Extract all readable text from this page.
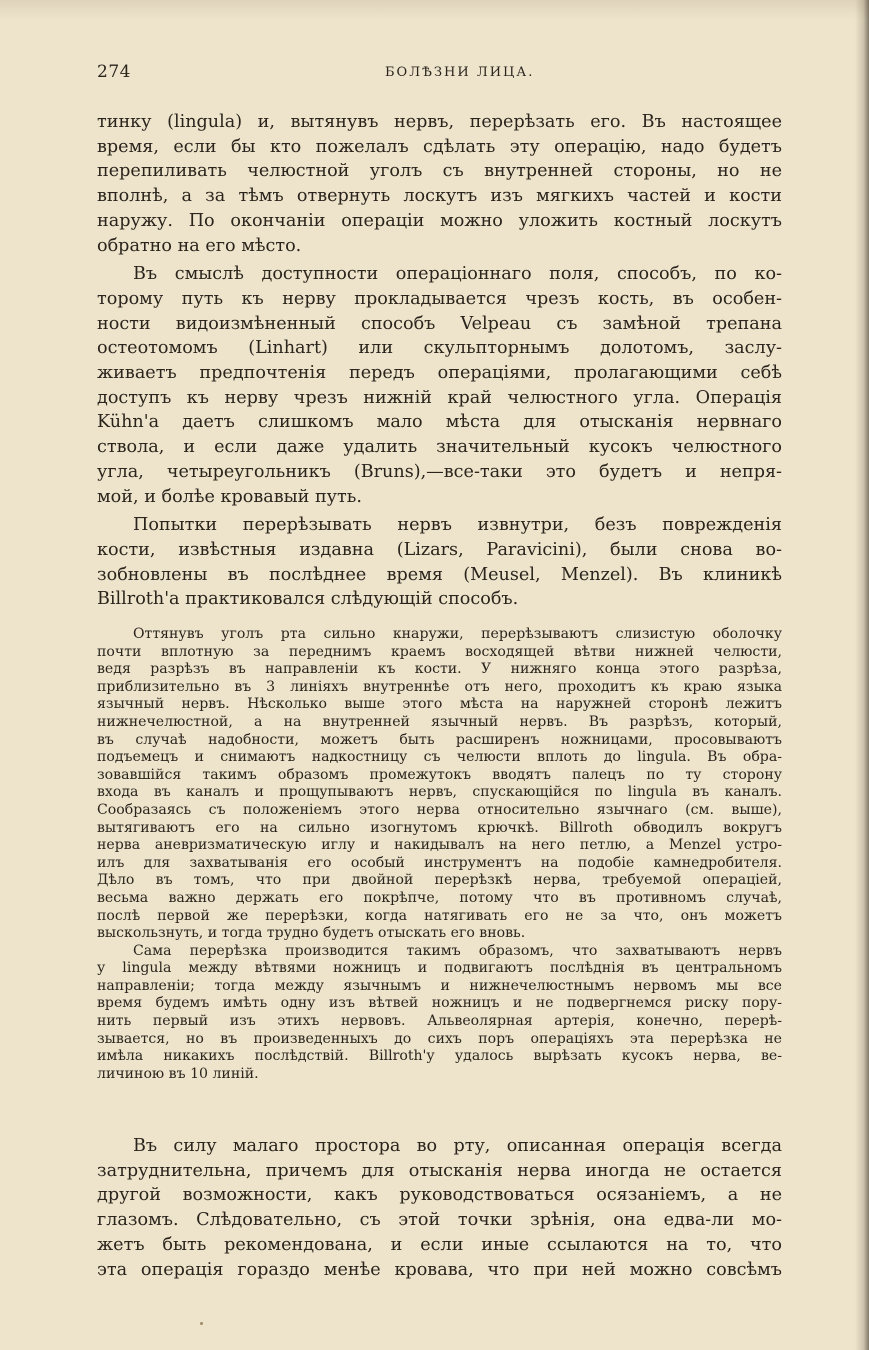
274	БОЛѢЗНИ ЛИЦА.

тинку (lingula) и, вытянувъ нервъ, перерѣзать его. Въ настоящее
время, если бы кто пожелалъ сдѣлать эту операцію, надо будетъ
перепиливать челюстной уголъ съ внутренней стороны, но не
вполнѣ, а за тѣмъ отвернуть лоскутъ изъ мягкихъ частей и кости
наружу. По окончаніи операціи можно уложить костный лоскутъ
обратно на его мѣсто.

Въ смыслѣ доступности операціоннаго поля, способъ, по ко-
торому путь къ нерву прокладывается чрезъ кость, въ особен-
ности видоизмѣненный способъ Velpeau съ замѣной трепана
остеотомомъ (Linhart) или скульпторнымъ долотомъ, заслу-
живаетъ предпочтенія передъ операціями, пролагающими себѣ
доступъ къ нерву чрезъ нижній край челюстного угла. Операція
Kühn'а даетъ слишкомъ мало мѣста для отысканія нервнаго
ствола, и если даже удалить значительный кусокъ челюстного
угла, четыреугольникъ (Bruns),—все-таки это будетъ и непря-
мой, и болѣе кровавый путь.

Попытки перерѣзывать нервъ извнутри, безъ поврежденія
кости, извѣстныя издавна (Lizars, Paravicini), были снова во-
зобновлены въ послѣднее время (Meusel, Menzel). Въ клиникѣ
Billroth'а практиковался слѣдующій способъ.

Оттянувъ уголъ рта сильно кнаружи, перерѣзываютъ слизистую оболочку
почти вплотную за переднимъ краемъ восходящей вѣтви нижней челюсти,
ведя разрѣзъ въ направленіи къ кости. У нижняго конца этого разрѣза,
приблизительно въ 3 линіяхъ внутреннѣе отъ него, проходитъ къ краю языка
язычный нервъ. Нѣсколько выше этого мѣста на наружней сторонѣ лежитъ
нижнечелюстной, а на внутренней язычный нервъ. Въ разрѣзъ, который,
въ случаѣ надобности, можетъ быть расширенъ ножницами, просовываютъ
подъемецъ и снимаютъ надкостницу съ челюсти вплоть до lingula. Въ обра-
зовавшійся такимъ образомъ промежутокъ вводятъ палецъ по ту сторону
входа въ каналъ и прощупываютъ нервъ, спускающійся по lingula въ каналъ.
Сообразаясь съ положеніемъ этого нерва относительно язычнаго (см. выше),
вытягиваютъ его на сильно изогнутомъ крючкѣ. Billroth обводилъ вокругъ
нерва аневризматическую иглу и накидывалъ на него петлю, а Menzel устро-
илъ для захватыванія его особый инструментъ на подобіе камнедробителя.
Дѣло въ томъ, что при двойной перерѣзкѣ нерва, требуемой операціей,
весьма важно держать его покрѣпче, потому что въ противномъ случаѣ,
послѣ первой же перерѣзки, когда натягивать его не за что, онъ можетъ
выскользнуть, и тогда трудно будетъ отыскать его вновь.

Сама перерѣзка производится такимъ образомъ, что захватываютъ нервъ
у lingula между вѣтвями ножницъ и подвигаютъ послѣднія въ центральномъ
направленіи; тогда между язычнымъ и нижнечелюстнымъ нервомъ мы все
время будемъ имѣть одну изъ вѣтвей ножницъ и не подвергнемся риску пору-
нить первый изъ этихъ нервовъ. Альвеолярная артерія, конечно, перерѣ-
зывается, но въ произведенныхъ до сихъ поръ операціяхъ эта перерѣзка не
имѣла никакихъ послѣдствій. Billroth'у удалось вырѣзать кусокъ нерва, ве-
личиною въ 10 линій.

Въ силу малаго простора во рту, описанная операція всегда
затруднительна, причемъ для отысканія нерва иногда не остается
другой возможности, какъ руководствоваться осязаніемъ, а не
глазомъ. Слѣдовательно, съ этой точки зрѣнія, она едва-ли мо-
жетъ быть рекомендована, и если иные ссылаются на то, что
эта операція гораздо менѣе кровава, что при ней можно совсѣмъ
